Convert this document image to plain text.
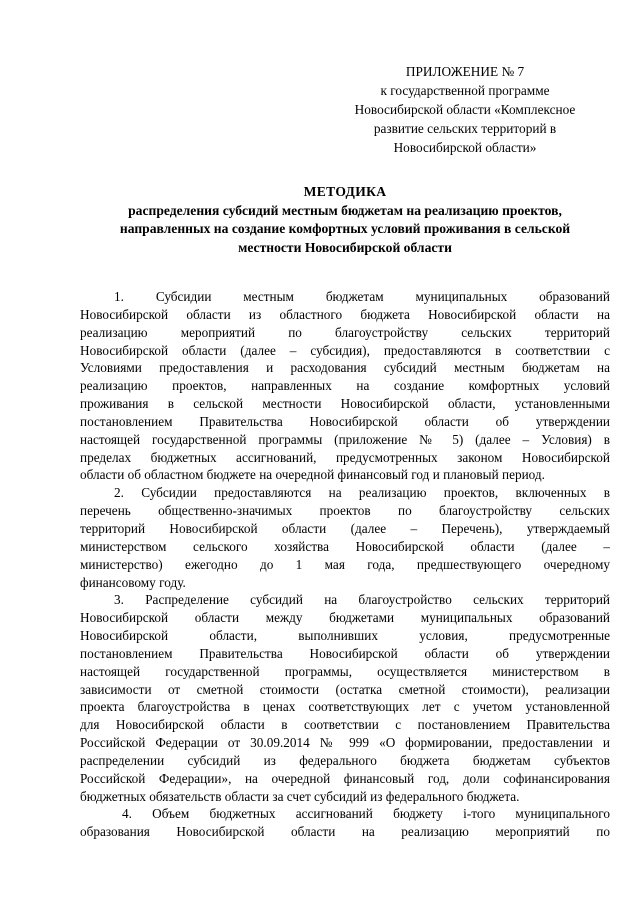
ПРИЛОЖЕНИЕ № 7
к государственной программе
Новосибирской области «Комплексное
развитие сельских территорий в
Новосибирской области»
МЕТОДИКА
распределения субсидий местным бюджетам на реализацию проектов,
направленных на создание комфортных условий проживания в сельской
местности Новосибирской области
1. Субсидии местным бюджетам муниципальных образований
Новосибирской области из областного бюджета Новосибирской области на
реализацию мероприятий по благоустройству сельских территорий
Новосибирской области (далее – субсидия), предоставляются в соответствии с
Условиями предоставления и расходования субсидий местным бюджетам на
реализацию проектов, направленных на создание комфортных условий
проживания в сельской местности Новосибирской области, установленными
постановлением Правительства Новосибирской области об утверждении
настоящей государственной программы (приложение № 5) (далее – Условия) в
пределах бюджетных ассигнований, предусмотренных законом Новосибирской
области об областном бюджете на очередной финансовый год и плановый период.
2. Субсидии предоставляются на реализацию проектов, включенных в
перечень общественно-значимых проектов по благоустройству сельских
территорий Новосибирской области (далее – Перечень), утверждаемый
министерством сельского хозяйства Новосибирской области (далее –
министерство) ежегодно до 1 мая года, предшествующего очередному
финансовому году.
3. Распределение субсидий на благоустройство сельских территорий
Новосибирской области между бюджетами муниципальных образований
Новосибирской области, выполнивших условия, предусмотренные
постановлением Правительства Новосибирской области об утверждении
настоящей государственной программы, осуществляется министерством в
зависимости от сметной стоимости (остатка сметной стоимости), реализации
проекта благоустройства в ценах соответствующих лет с учетом установленной
для Новосибирской области в соответствии с постановлением Правительства
Российской Федерации от 30.09.2014 № 999 «О формировании, предоставлении и
распределении субсидий из федерального бюджета бюджетам субъектов
Российской Федерации», на очередной финансовый год, доли софинансирования
бюджетных обязательств области за счет субсидий из федерального бюджета.
4. Объем бюджетных ассигнований бюджету i-того муниципального
образования Новосибирской области на реализацию мероприятий по
